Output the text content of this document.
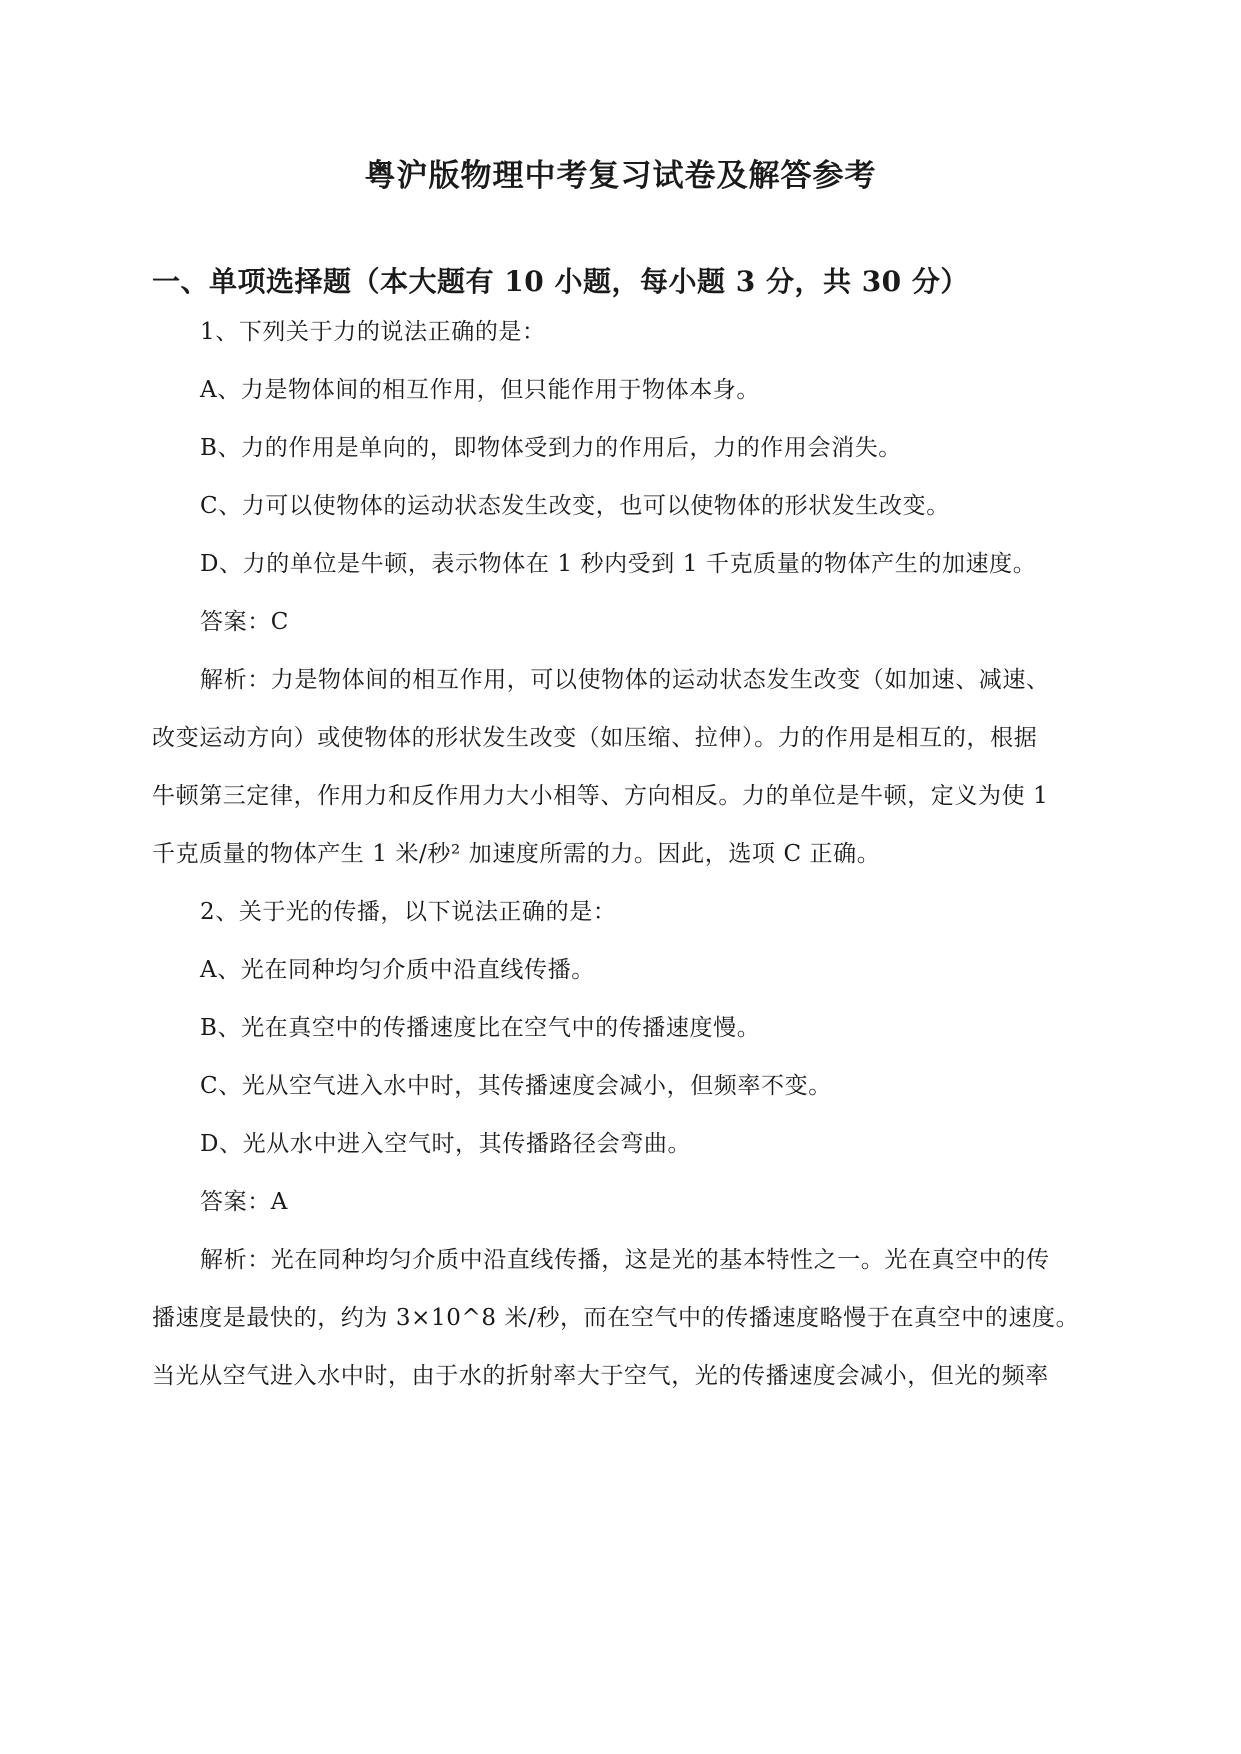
粤沪版物理中考复习试卷及解答参考
一、单项选择题（本大题有 10 小题，每小题 3 分，共 30 分）
1、下列关于力的说法正确的是：
A、力是物体间的相互作用，但只能作用于物体本身。
B、力的作用是单向的，即物体受到力的作用后，力的作用会消失。
C、力可以使物体的运动状态发生改变，也可以使物体的形状发生改变。
D、力的单位是牛顿，表示物体在 1 秒内受到 1 千克质量的物体产生的加速度。
答案：C
解析：力是物体间的相互作用，可以使物体的运动状态发生改变（如加速、减速、
改变运动方向）或使物体的形状发生改变（如压缩、拉伸）。力的作用是相互的，根据
牛顿第三定律，作用力和反作用力大小相等、方向相反。力的单位是牛顿，定义为使 1
千克质量的物体产生 1 米/秒² 加速度所需的力。因此，选项 C 正确。
2、关于光的传播，以下说法正确的是：
A、光在同种均匀介质中沿直线传播。
B、光在真空中的传播速度比在空气中的传播速度慢。
C、光从空气进入水中时，其传播速度会减小，但频率不变。
D、光从水中进入空气时，其传播路径会弯曲。
答案：A
解析：光在同种均匀介质中沿直线传播，这是光的基本特性之一。光在真空中的传
播速度是最快的，约为 3×10^8 米/秒，而在空气中的传播速度略慢于在真空中的速度。
当光从空气进入水中时，由于水的折射率大于空气，光的传播速度会减小，但光的频率
